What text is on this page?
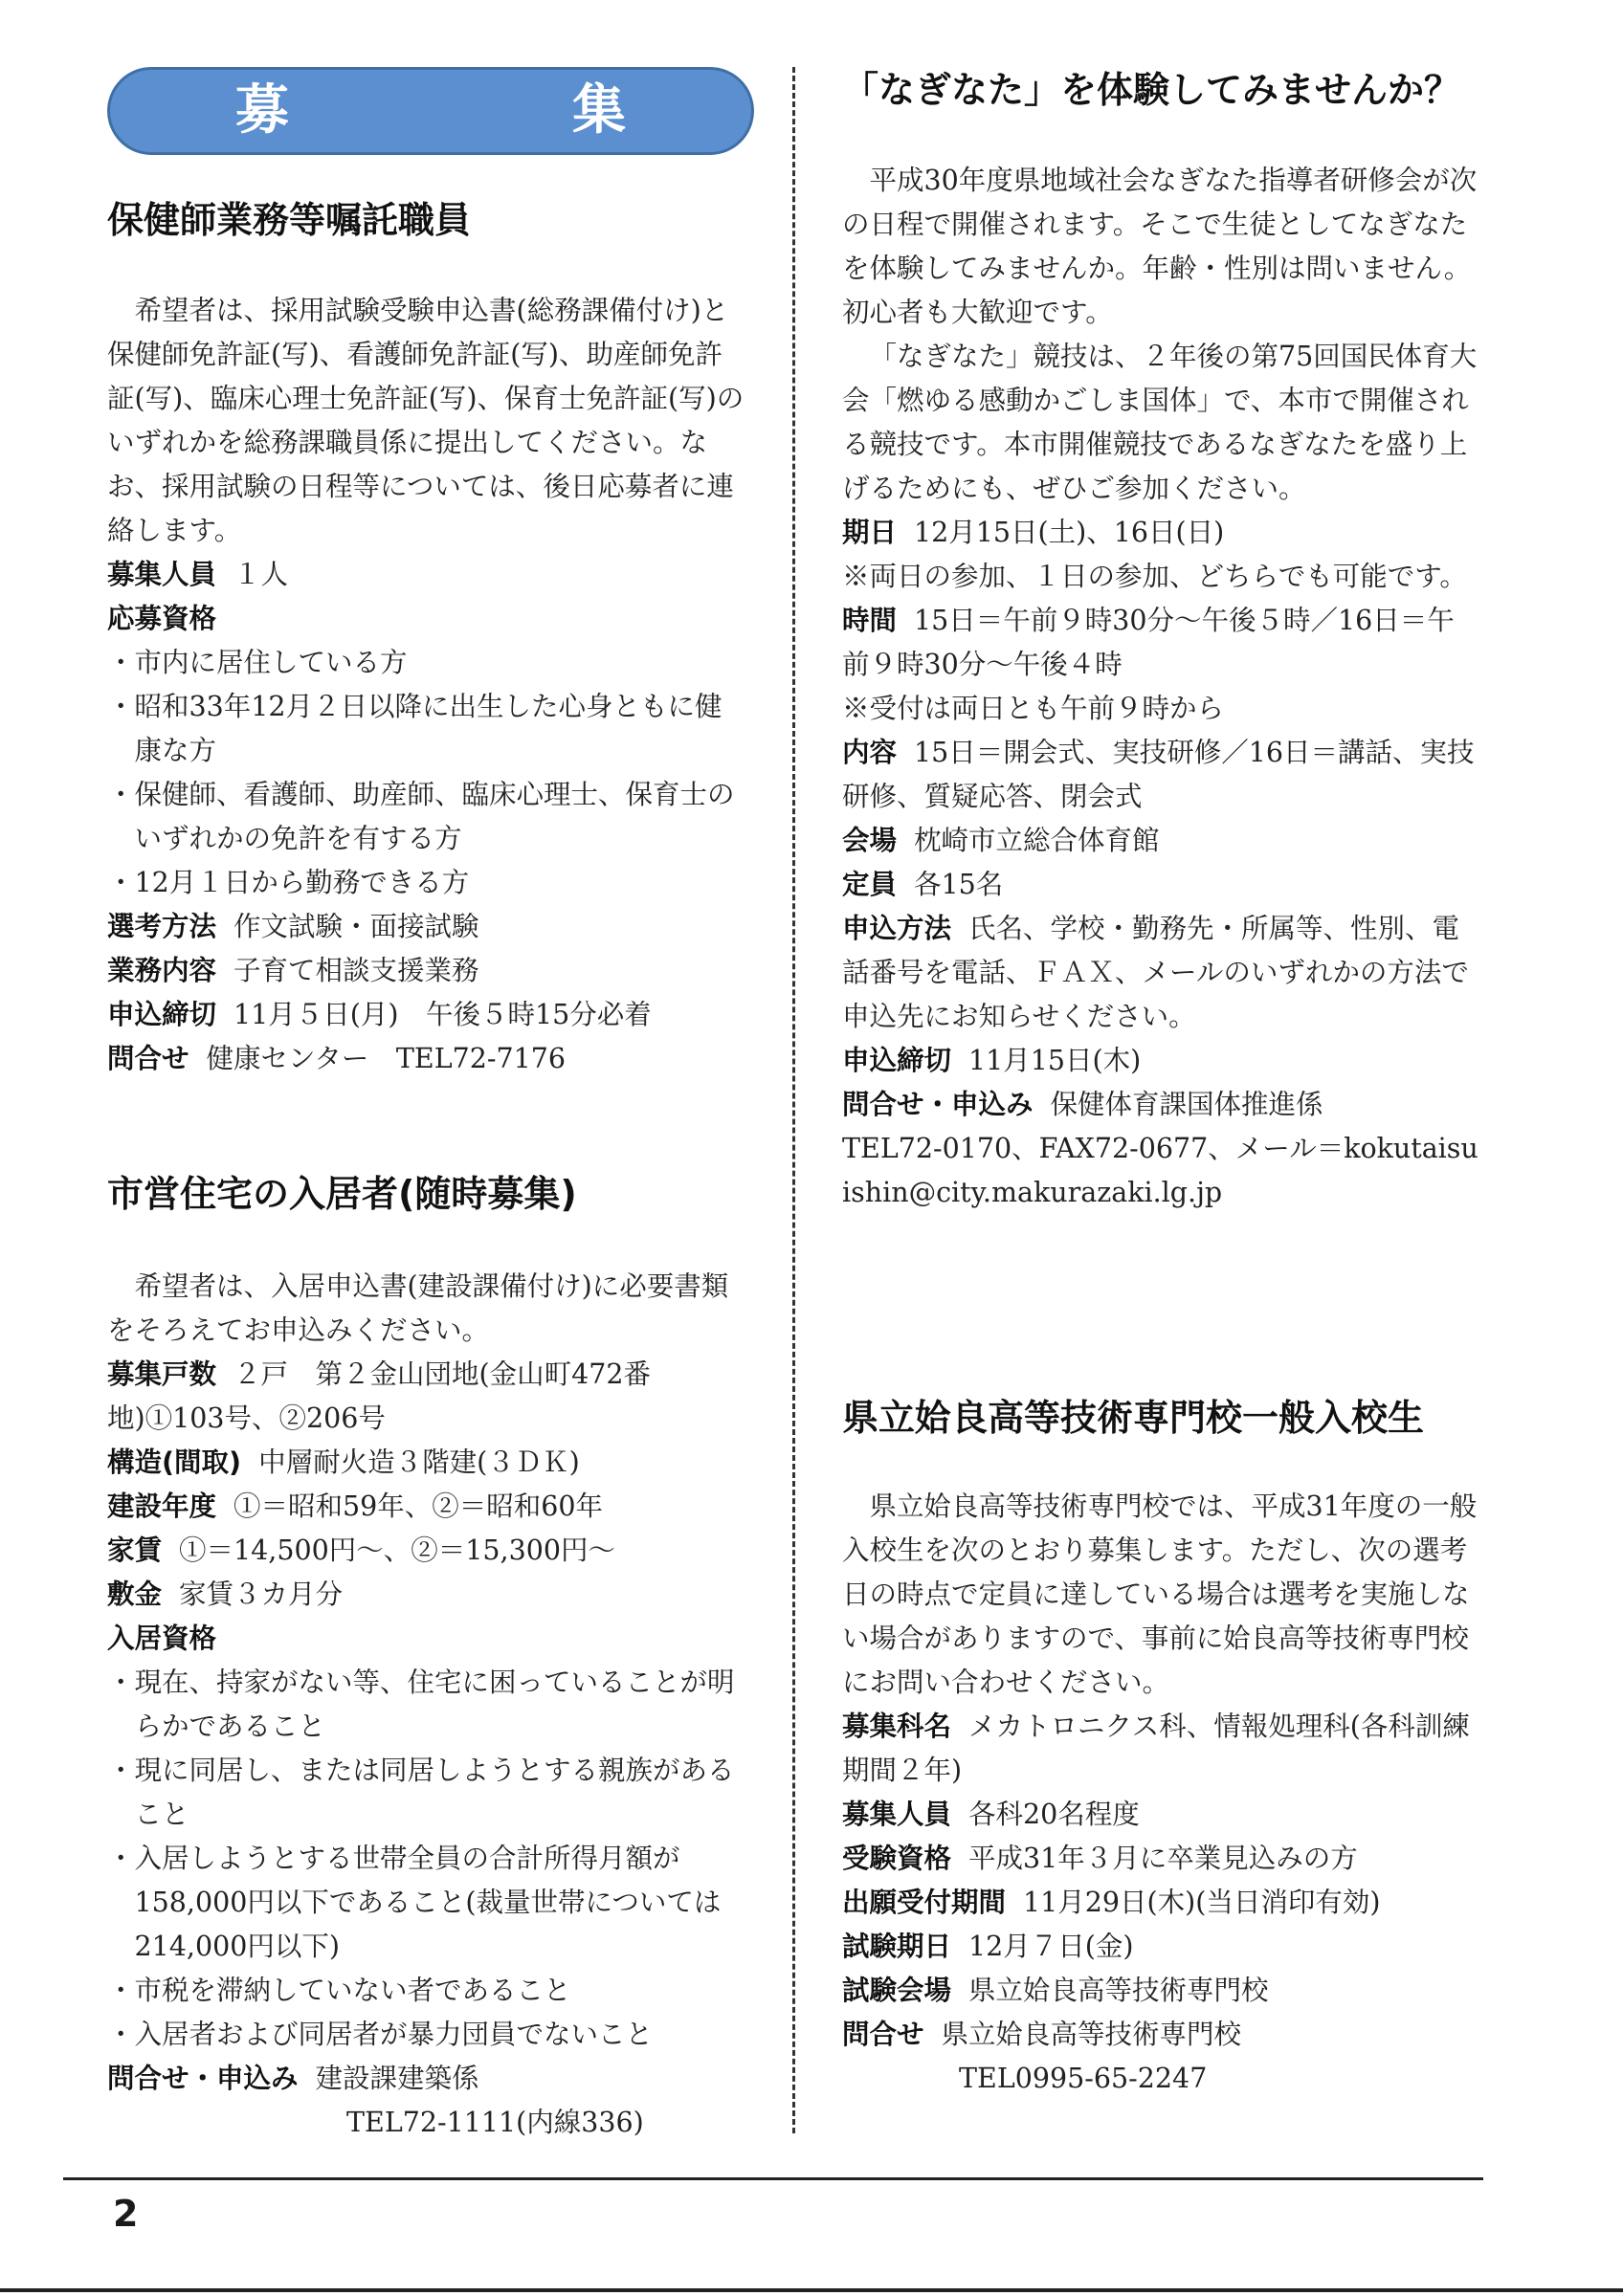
募　集
保健師業務等嘱託職員

希望者は、採用試験受験申込書(総務課備付け)と保健師免許証(写)、看護師免許証(写)、助産師免許証(写)、臨床心理士免許証(写)、保育士免許証(写)のいずれかを総務課職員係に提出してください。なお、採用試験の日程等については、後日応募者に連絡します。

募集人員 １人

応募資格

・市内に居住している方

・昭和33年12月２日以降に出生した心身ともに健康な方

・保健師、看護師、助産師、臨床心理士、保育士のいずれかの免許を有する方

・12月１日から勤務できる方

選考方法 作文試験・面接試験

業務内容 子育て相談支援業務

申込締切 11月５日(月)　午後５時15分必着

問合せ 健康センター　TEL72-7176

市営住宅の入居者(随時募集)

希望者は、入居申込書(建設課備付け)に必要書類をそろえてお申込みください。

募集戸数 ２戸　第２金山団地(金山町472番地)①103号、②206号

構造(間取) 中層耐火造３階建(３ＤＫ)

建設年度 ①＝昭和59年、②＝昭和60年

家賃 ①＝14,500円～、②＝15,300円～

敷金 家賃３カ月分

入居資格

・現在、持家がない等、住宅に困っていることが明らかであること

・現に同居し、または同居しようとする親族があること

・入居しようとする世帯全員の合計所得月額が158,000円以下であること(裁量世帯については214,000円以下)

・市税を滞納していない者であること

・入居者および同居者が暴力団員でないこと

問合せ・申込み 建設課建築係

TEL72-1111(内線336)

「なぎなた」を体験してみませんか？

平成30年度県地域社会なぎなた指導者研修会が次の日程で開催されます。そこで生徒としてなぎなたを体験してみませんか。年齢・性別は問いません。初心者も大歓迎です。

「なぎなた」競技は、２年後の第75回国民体育大会「燃ゆる感動かごしま国体」で、本市で開催される競技です。本市開催競技であるなぎなたを盛り上げるためにも、ぜひご参加ください。

期日 12月15日(土)、16日(日)

※両日の参加、１日の参加、どちらでも可能です。

時間 15日＝午前９時30分～午後５時／16日＝午前９時30分～午後４時

※受付は両日とも午前９時から

内容 15日＝開会式、実技研修／16日＝講話、実技研修、質疑応答、閉会式

会場 枕崎市立総合体育館

定員 各15名

申込方法 氏名、学校・勤務先・所属等、性別、電話番号を電話、ＦＡＸ、メールのいずれかの方法で申込先にお知らせください。

申込締切 11月15日(木)

問合せ・申込み 保健体育課国体推進係

TEL72-0170、FAX72-0677、メール＝kokutaisuishin@city.makurazaki.lg.jp

県立姶良高等技術専門校一般入校生

県立姶良高等技術専門校では、平成31年度の一般入校生を次のとおり募集します。ただし、次の選考日の時点で定員に達している場合は選考を実施しない場合がありますので、事前に姶良高等技術専門校にお問い合わせください。

募集科名 メカトロニクス科、情報処理科(各科訓練期間２年)

募集人員 各科20名程度

受験資格 平成31年３月に卒業見込みの方

出願受付期間 11月29日(木)(当日消印有効)

試験期日 12月７日(金)

試験会場 県立姶良高等技術専門校

問合せ 県立姶良高等技術専門校

TEL0995-65-2247

2
